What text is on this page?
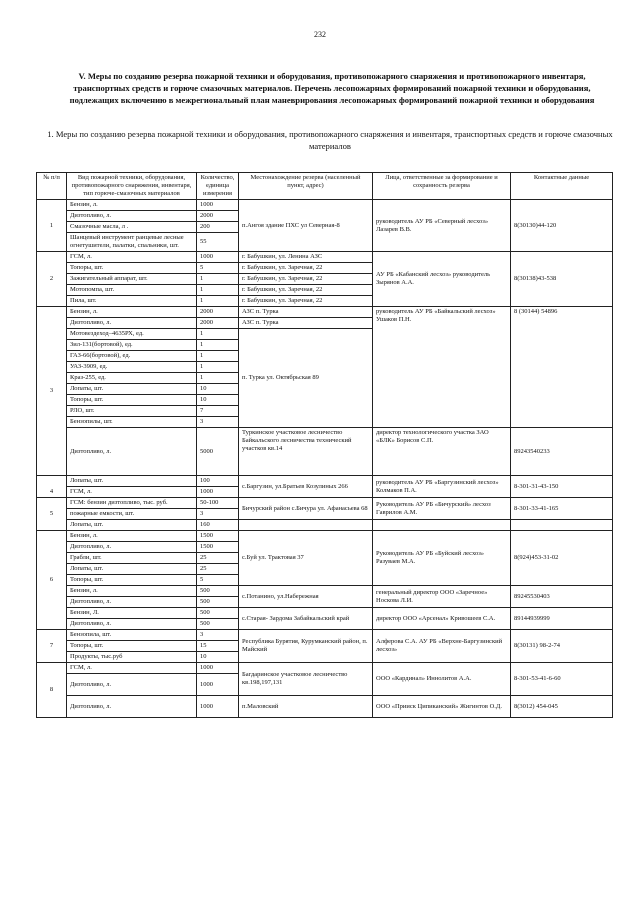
232
V. Меры по созданию резерва пожарной техники и оборудования, противопожарного снаряжения и противопожарного инвентаря, транспортных средств и горюче смазочных материалов. Перечень лесопожарных формирований пожарной техники и оборудования, подлежащих включению в межрегиональный план маневрирования лесопожарных формирований пожарной техники и оборудования
1. Меры по созданию резерва пожарной техники и оборудования, противопожарного снаряжения и инвентаря, транспортных средств и горюче смазочных материалов
№ п/п	Вид пожарной техники, оборудования, противопожарного снаряжения, инвентаря, тип горюче-смазочных материалов	Количество, единица измерения	Местонахождение резерва (населенный пункт, адрес)	Лица, ответственные за формирование и сохранность резерва	Контактные данные
1	Бензин, л.	1000	п.Ангоя здание ПХС ул Северная-8	руководитель АУ РБ «Северный лесхоз» Лазарев В.В.	8(30130)44-120
	Дизтопливо, л.	2000			
	Смазочные масла, л .	200			
	Шанцевый инструмент ранцевые лесные огнетушители, палатки, спальники, шт.	55			
2	ГСМ, л.	1000	г. Бабушкин, ул. Ленина АЗС	АУ РБ «Кабанский лесхоз» руководитель Зырянов А.А.	8(30138)43-538
	Топоры, шт.	5	г. Бабушкин, ул. Заречная, 22		
	Зажигательный аппарат, шт.	1	г. Бабушкин, ул. Заречная, 22		
	Мотопомпа, шт.	1	г. Бабушкин, ул. Заречная, 22		
	Пила, шт.	1	г. Бабушкин, ул. Заречная, 22		
3	Бензин, л.	2000	АЗС п. Турка	руководитель АУ РБ «Байкальский лесхоз» Ушаков П.Н.	8 (30144) 54896
	Дизтопливо, л.	2000	АЗС п. Турка		
	Мотовездеход–4635РХ, ед.	1	п. Турка ул. Октябрьская 89		
	Зил-131(бортовой), ед.	1			
	ГАЗ-66(бортовой), ед.	1			
	УАЗ-3909, ед.	1			
	Краз-255, ед.	1			
	Лопаты, шт.	10			
	Топоры, шт.	10			
	РЛО, шт.	7			
	Бензопилы, шт.	3			
	Дизтопливо, л.	5000	Туркинское участковое лесничество Байкальского лесничества технический участков кв.14	директор технологического участка ЗАО «БЛК» Борисов С.П.	89243540233
4	Лопаты, шт.	100	с.Баргузин, ул.Братьев Козулиных 266	руководитель АУ РБ «Баргузинский лесхоз» Колмаков П.А.	8-301-31-43-150
	ГСМ, л.	1000			
5	ГСМ: бензин дизтопливо, тыс. руб.	50-100	Бичурский район с.Бичура ул. Афанасьева 68	Руководитель АУ РБ «Бичурский» лесхоз Гаврилов А.М.	8-301-33-41-165
	пожарные емкости, шт.	3			
	Лопаты, шт.	160			
6	Бензин, л.	1500	с.Буй ул. Трактовая 37	Руководитель АУ РБ «Буйский лесхоз» Разуваев М.А.	8(924)453-31-02
	Дизтопливо, л.	1500			
	Грабли, шт.	25			
	Лопаты, шт.	25			
	Топоры, шт.	5			
	Бензин, л.	500	с.Потанино, ул.Набережная	генеральный директор ООО «Заречное» Носкова Л.И.	89245530403
	Дизтопливо, л.	500			
	Бензин, Л.	500	с.Старая- Зардома Забайкальский край	директор ООО «Арсенал» Кривошеев С.А.	89144939999
	Дизтопливо, л.	500			
7	Бензопила, шт.	3	Республика Бурятия, Курумканский район, п. Майский	Алферова С.А. АУ РБ «Верхне-Баргузинский лесхоз»	8(30131) 98-2-74
	Топоры, шт.	15			
	Продукты, тыс.руб	10			
8	ГСМ, л.	1000	Багдаринское участковое лесничество кв.198,197,131	ООО «Кардинал» Иннолитов А.А.	8-301-53-41-6-60
	Дизтопливо, л.	1000			
	Дизтопливо, л.	1000	п.Маловский	ООО «Прииск Ципиканский» Жигинтов О.Д.	8(3012) 454-045
